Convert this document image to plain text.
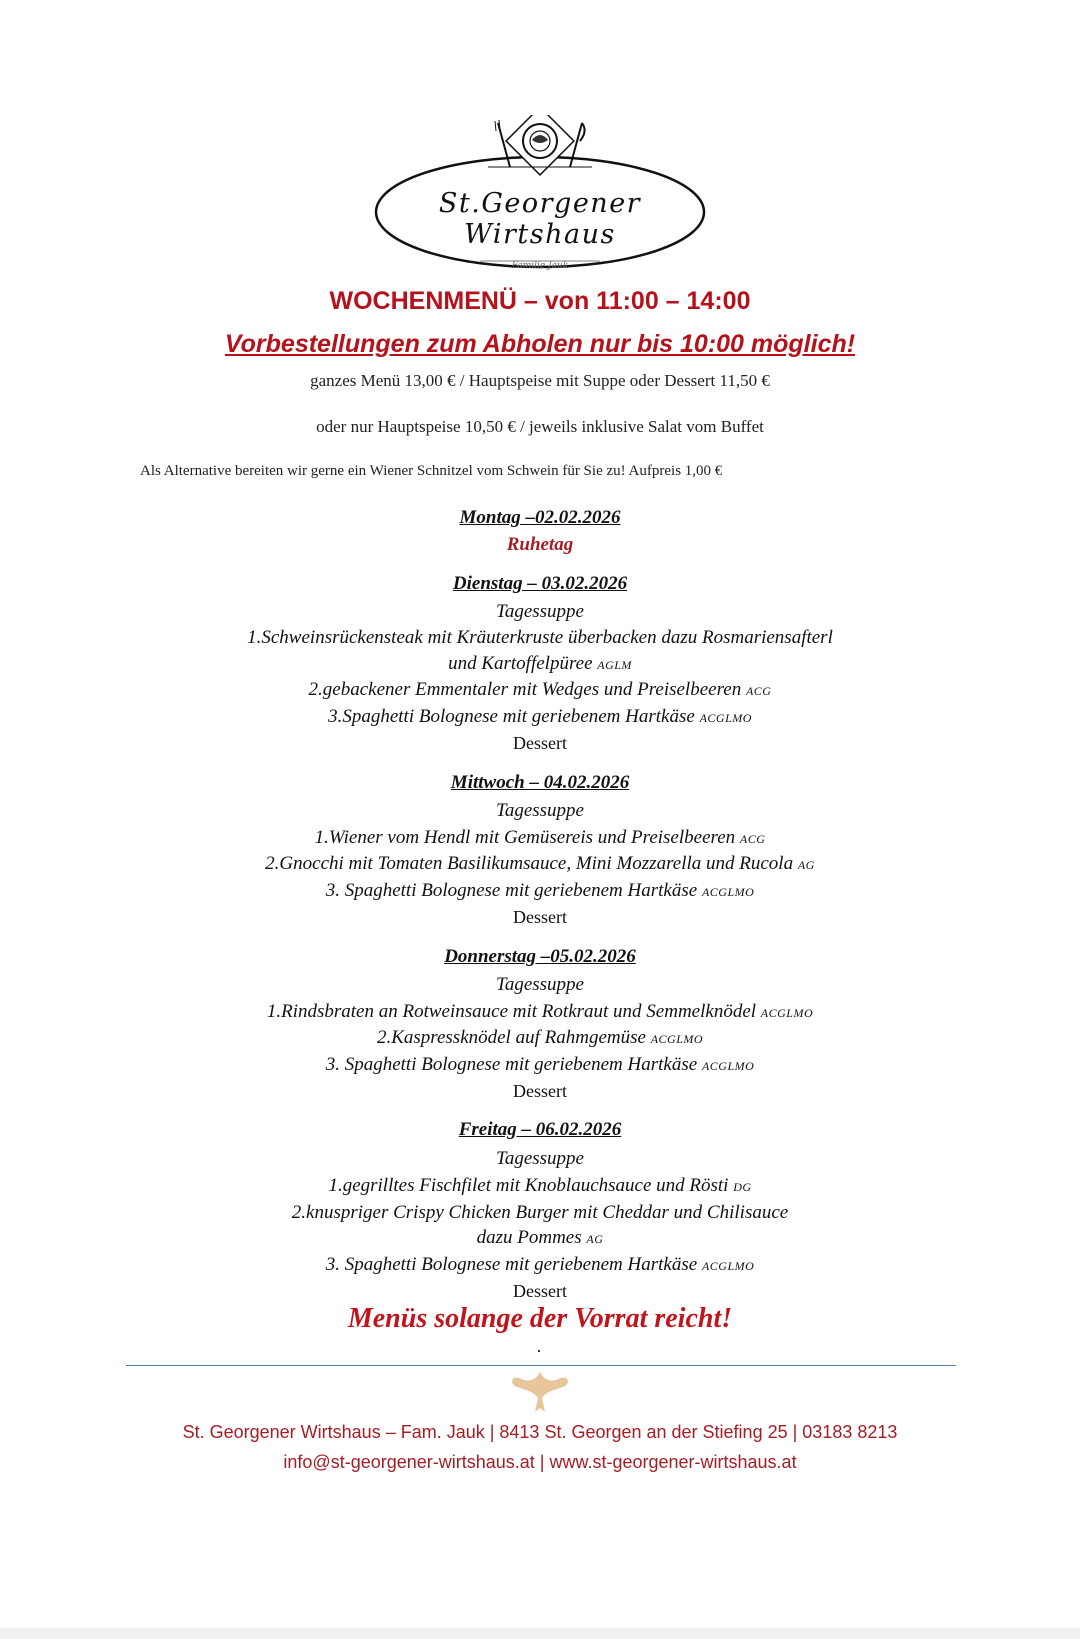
St.Georgener Wirtshaus
Familie Jauk
WOCHENMENÜ – von 11:00 – 14:00
Vorbestellungen zum Abholen nur bis 10:00 möglich!
ganzes Menü 13,00 € / Hauptspeise mit Suppe oder Dessert 11,50 €
oder nur Hauptspeise 10,50 € / jeweils inklusive Salat vom Buffet
Als Alternative bereiten wir gerne ein Wiener Schnitzel vom Schwein für Sie zu! Aufpreis 1,00 €
Montag –02.02.2026
Ruhetag
Dienstag – 03.02.2026
Tagessuppe
1.Schweinsrückensteak mit Kräuterkruste überbacken dazu Rosmariensafterl
und Kartoffelpüree AGLM
2.gebackener Emmentaler mit Wedges und Preiselbeeren ACG
3.Spaghetti Bolognese mit geriebenem Hartkäse ACGLMO
Dessert
Mittwoch – 04.02.2026
Tagessuppe
1.Wiener vom Hendl mit Gemüsereis und Preiselbeeren ACG
2.Gnocchi mit Tomaten Basilikumsauce, Mini Mozzarella und Rucola AG
3. Spaghetti Bolognese mit geriebenem Hartkäse ACGLMO
Dessert
Donnerstag –05.02.2026
Tagessuppe
1.Rindsbraten an Rotweinsauce mit Rotkraut und Semmelknödel ACGLMO
2.Kaspressknödel auf Rahmgemüse ACGLMO
3. Spaghetti Bolognese mit geriebenem Hartkäse ACGLMO
Dessert
Freitag – 06.02.2026
Tagessuppe
1.gegrilltes Fischfilet mit Knoblauchsauce und Rösti DG
2.knuspriger Crispy Chicken Burger mit Cheddar und Chilisauce
dazu Pommes AG
3. Spaghetti Bolognese mit geriebenem Hartkäse ACGLMO
Dessert
Menüs solange der Vorrat reicht!
St. Georgener Wirtshaus – Fam. Jauk | 8413 St. Georgen an der Stiefing 25 | 03183 8213
info@st-georgener-wirtshaus.at | www.st-georgener-wirtshaus.at
